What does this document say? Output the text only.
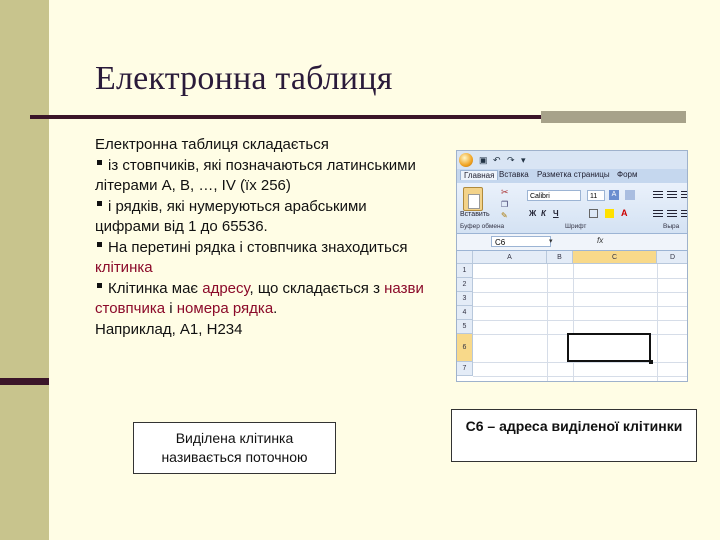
Електронна таблиця

Електронна таблиця складається

із стовпчиків, які позначаються латинськими літерами А, В, …, IV (їх 256)

і рядків, які нумеруються арабськими цифрами від 1 до 65536.

На перетині рядка і стовпчика знаходиться клітинка

Клітинка має адресу, що складається з назви стовпчика і номера рядка.

Наприклад, А1, Н234

▣ ↶ ↷ ▾
Главная Вставка Разметка страницы Форм
Вставить
✂
❐
✎
Calibri	11
Ж К Ч
A
A
Буфер обмена	Шрифт	Выра
C6	▾	fx
A	B	C	D
1
2
3
4
5
6
7
Виділена клітинка називається поточною
С6 – адреса виділеної клітинки
